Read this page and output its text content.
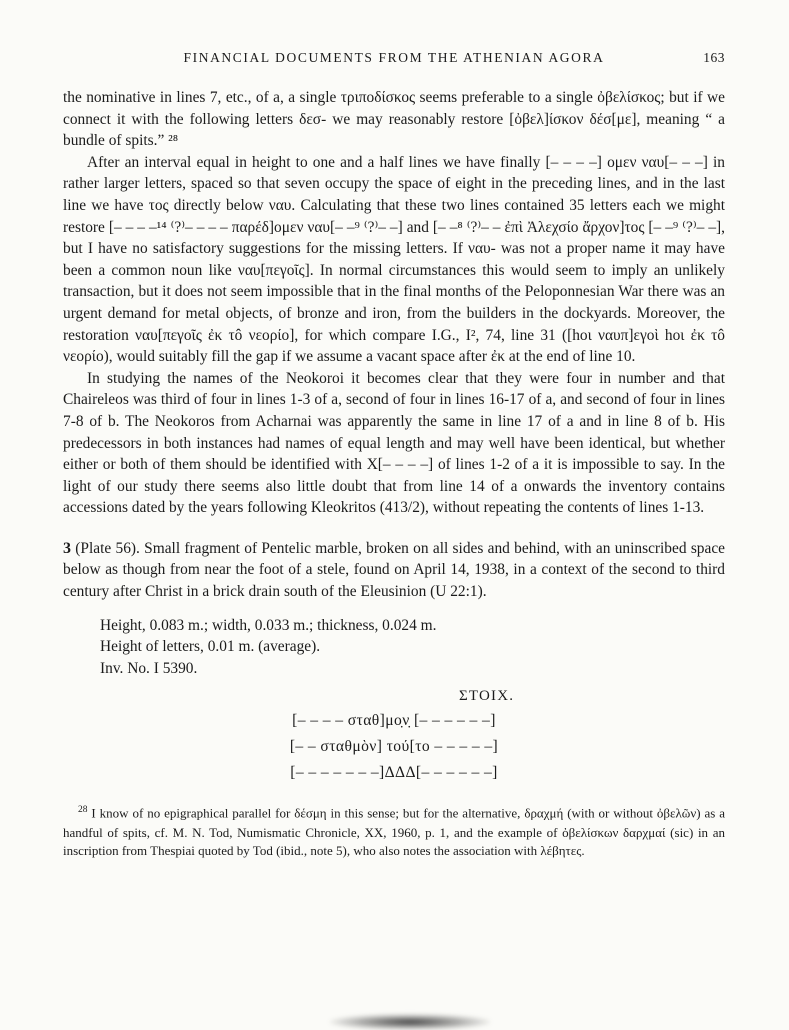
FINANCIAL DOCUMENTS FROM THE ATHENIAN AGORA	163

the nominative in lines 7, etc., of a, a single τριποδίσκος seems preferable to a single ὀβελίσκος; but if we connect it with the following letters δεσ- we may reasonably restore [ὀβελ]ίσκον δέσ[με], meaning “ a bundle of spits.” ²⁸

After an interval equal in height to one and a half lines we have finally [– – – –] ομεν ναυ[– – –] in rather larger letters, spaced so that seven occupy the space of eight in the preceding lines, and in the last line we have τος directly below ναυ. Calculating that these two lines contained 35 letters each we might restore [– – – –¹⁴ ⁽?⁾– – – – παρέδ]ομεν ναυ[– –⁹ ⁽?⁾– –] and [– –⁸ ⁽?⁾– – ἐπὶ Ἀλεχσίο ἄρχον]τος [– –⁹ ⁽?⁾– –], but I have no satisfactory suggestions for the missing letters. If ναυ- was not a proper name it may have been a common noun like ναυ[πεγοῖς]. In normal circumstances this would seem to imply an unlikely transaction, but it does not seem impossible that in the final months of the Peloponnesian War there was an urgent demand for metal objects, of bronze and iron, from the builders in the dockyards. Moreover, the restoration ναυ[πεγοῖς ἐκ τô νεορίο], for which compare I.G., I², 74, line 31 ([hοι ναυπ]εγοὶ hοι ἐκ τô νεορίο), would suitably fill the gap if we assume a vacant space after ἐκ at the end of line 10.

In studying the names of the Neokoroi it becomes clear that they were four in number and that Chaireleos was third of four in lines 1-3 of a, second of four in lines 16-17 of a, and second of four in lines 7-8 of b. The Neokoros from Acharnai was apparently the same in line 17 of a and in line 8 of b. His predecessors in both instances had names of equal length and may well have been identical, but whether either or both of them should be identified with Χ[– – – –] of lines 1-2 of a it is impossible to say. In the light of our study there seems also little doubt that from line 14 of a onwards the inventory contains accessions dated by the years following Kleokritos (413/2), without repeating the contents of lines 1-13.

3 (Plate 56). Small fragment of Pentelic marble, broken on all sides and behind, with an uninscribed space below as though from near the foot of a stele, found on April 14, 1938, in a context of the second to third century after Christ in a brick drain south of the Eleusinion (U 22:1).

Height, 0.083 m.; width, 0.033 m.; thickness, 0.024 m.
Height of letters, 0.01 m. (average).
Inv. No. I 5390.
ΣΤΟΙΧ.
[– – – – σταθ]μο̣ν̣ [– – – – – –]
[– – σταθμὸν] τού[το – – – – –]
[– – – – – – –]ΔΔΔ[– – – – – –]

$^{28}$ I know of no epigraphical parallel for δέσμη in this sense; but for the alternative, δραχμή (with or without ὀβελῶν) as a handful of spits, cf. M. N. Tod, Numismatic Chronicle, XX, 1960, p. 1, and the example of ὀβελίσκων δαρχμαί (sic) in an inscription from Thespiai quoted by Tod (ibid., note 5), who also notes the association with λέβητες.
